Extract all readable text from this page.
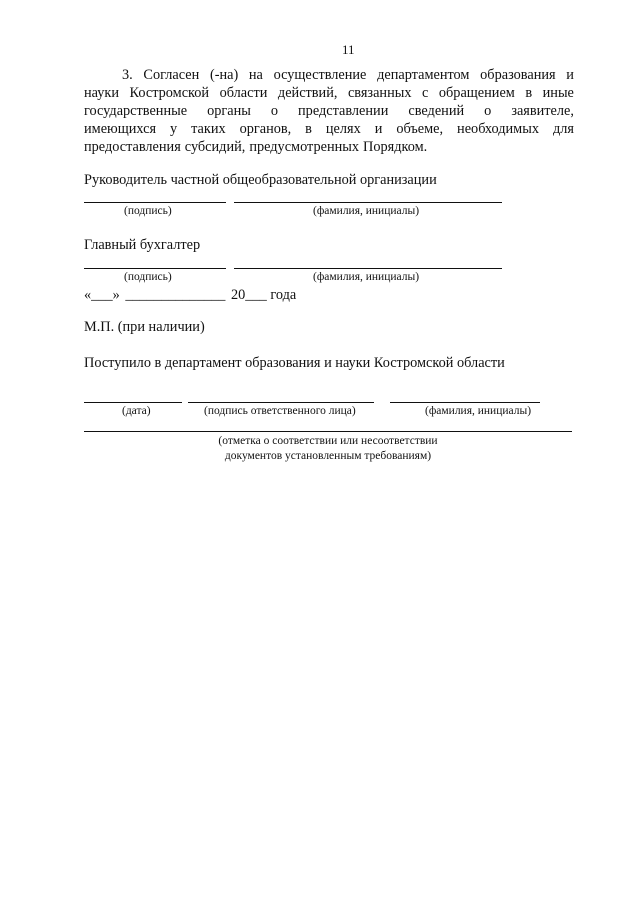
11
3. Согласен (-на) на осуществление департаментом образования и
науки Костромской области действий, связанных с обращением в иные
государственные органы о представлении сведений о заявителе,
имеющихся у таких органов, в целях и объеме, необходимых для
предоставления субсидий, предусмотренных Порядком.
Руководитель частной общеобразовательной организации
(подпись)	(фамилия, инициалы)
Главный бухгалтер
(подпись)	(фамилия, инициалы)
«___» ______________ 20___ года
М.П. (при наличии)
Поступило в департамент образования и науки Костромской области
(дата)	(подпись ответственного лица)	(фамилия, инициалы)
(отметка о соответствии или несоответствии
документов установленным требованиям)
